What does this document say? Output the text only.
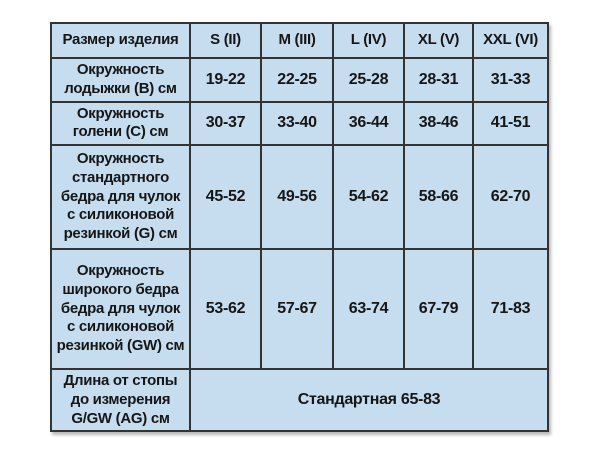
Размер изделия	S (II)	M (III)	L (IV)	XL (V)	XXL (VI)
Окружность лодыжки (B) см	19-22	22-25	25-28	28-31	31-33
Окружность голени (C) см	30-37	33-40	36-44	38-46	41-51
Окружность стандартного бедра для чулок с силиконовой резинкой (G) см	45-52	49-56	54-62	58-66	62-70
Окружность широкого бедра бедра для чулок с силиконовой резинкой (GW) см	53-62	57-67	63-74	67-79	71-83
Длина от стопы до измерения G/GW (AG) см	Стандартная 65-83				
